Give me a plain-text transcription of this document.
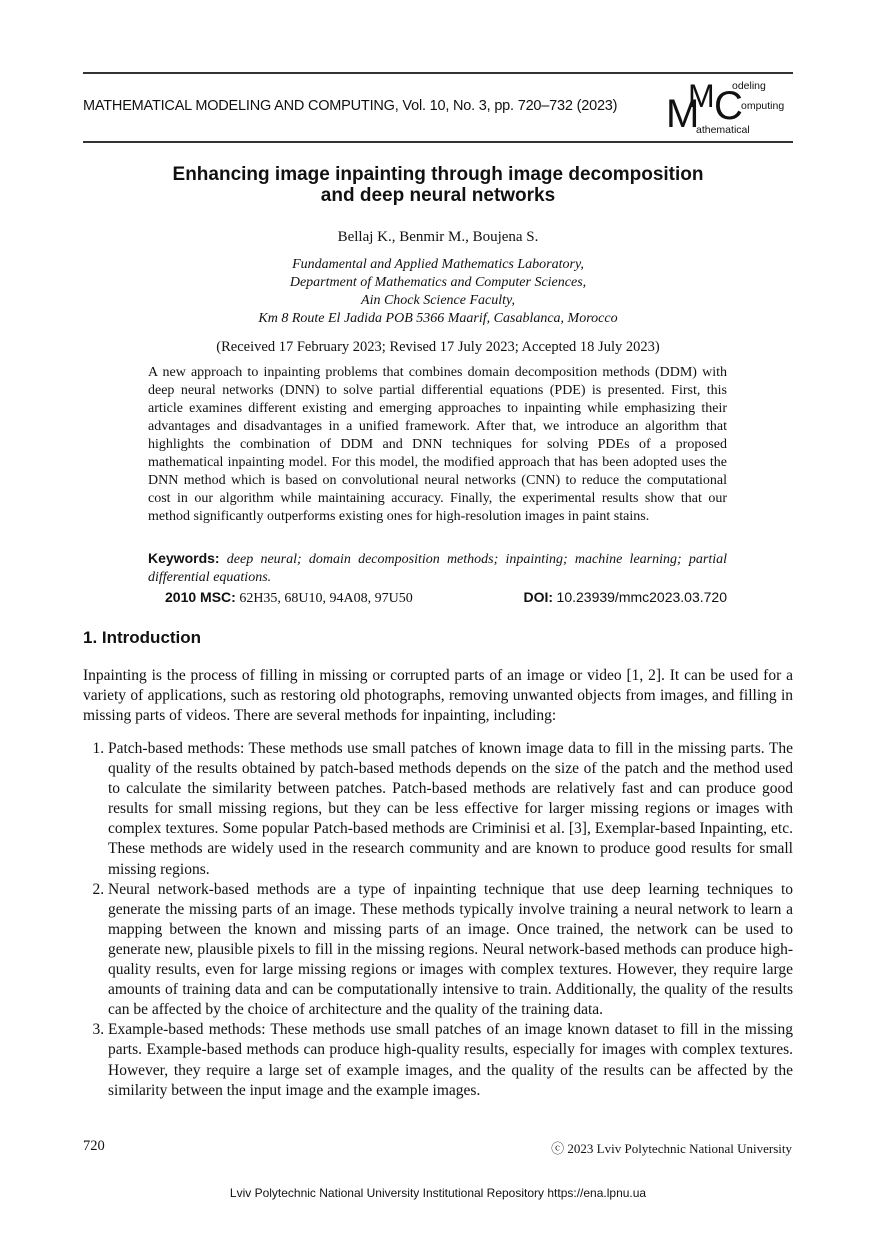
MATHEMATICAL MODELING AND COMPUTING, Vol. 10, No. 3, pp. 720–732 (2023) M
M C
odeling
omputing
athematical
Enhancing image inpainting through image decomposition
and deep neural networks
Bellaj K., Benmir M., Boujena S.
Fundamental and Applied Mathematics Laboratory,
Department of Mathematics and Computer Sciences,
Ain Chock Science Faculty,
Km 8 Route El Jadida POB 5366 Maarif, Casablanca, Morocco
(Received 17 February 2023; Revised 17 July 2023; Accepted 18 July 2023)
A new approach to inpainting problems that combines domain decomposition methods (DDM) with deep neural networks (DNN) to solve partial differential equations (PDE) is presented. First, this article examines different existing and emerging approaches to inpainting while emphasizing their advantages and disadvantages in a unified framework. After that, we introduce an algorithm that highlights the combination of DDM and DNN techniques for solving PDEs of a proposed mathematical inpainting model. For this model, the modified approach that has been adopted uses the DNN method which is based on convolutional neural networks (CNN) to reduce the computational cost in our algorithm while maintaining accuracy. Finally, the experimental results show that our method significantly outperforms existing ones for high-resolution images in paint stains.
Keywords: deep neural; domain decomposition methods; inpainting; machine learning; partial differential equations.
2010 MSC: 62H35, 68U10, 94A08, 97U50	DOI: 10.23939/mmc2023.03.720
1. Introduction
Inpainting is the process of filling in missing or corrupted parts of an image or video [1, 2]. It can be used for a variety of applications, such as restoring old photographs, removing unwanted objects from images, and filling in missing parts of videos. There are several methods for inpainting, including:
1. Patch-based methods: These methods use small patches of known image data to fill in the missing parts. The quality of the results obtained by patch-based methods depends on the size of the patch and the method used to calculate the similarity between patches. Patch-based methods are relatively fast and can produce good results for small missing regions, but they can be less effective for larger missing regions or images with complex textures. Some popular Patch-based methods are Criminisi et al. [3], Exemplar-based Inpainting, etc. These methods are widely used in the research community and are known to produce good results for small missing regions.
2. Neural network-based methods are a type of inpainting technique that use deep learning techniques to generate the missing parts of an image. These methods typically involve training a neural network to learn a mapping between the known and missing parts of an image. Once trained, the network can be used to generate new, plausible pixels to fill in the missing regions. Neural network-based methods can produce high-quality results, even for large missing regions or images with complex textures. However, they require large amounts of training data and can be computationally intensive to train. Additionally, the quality of the results can be affected by the choice of architecture and the quality of the training data.
3. Example-based methods: These methods use small patches of an image known dataset to fill in the missing parts. Example-based methods can produce high-quality results, especially for images with complex textures. However, they require a large set of example images, and the quality of the results can be affected by the similarity between the input image and the example images.
720	ⓒ 2023 Lviv Polytechnic National University
Lviv Polytechnic National University Institutional Repository https://ena.lpnu.ua
